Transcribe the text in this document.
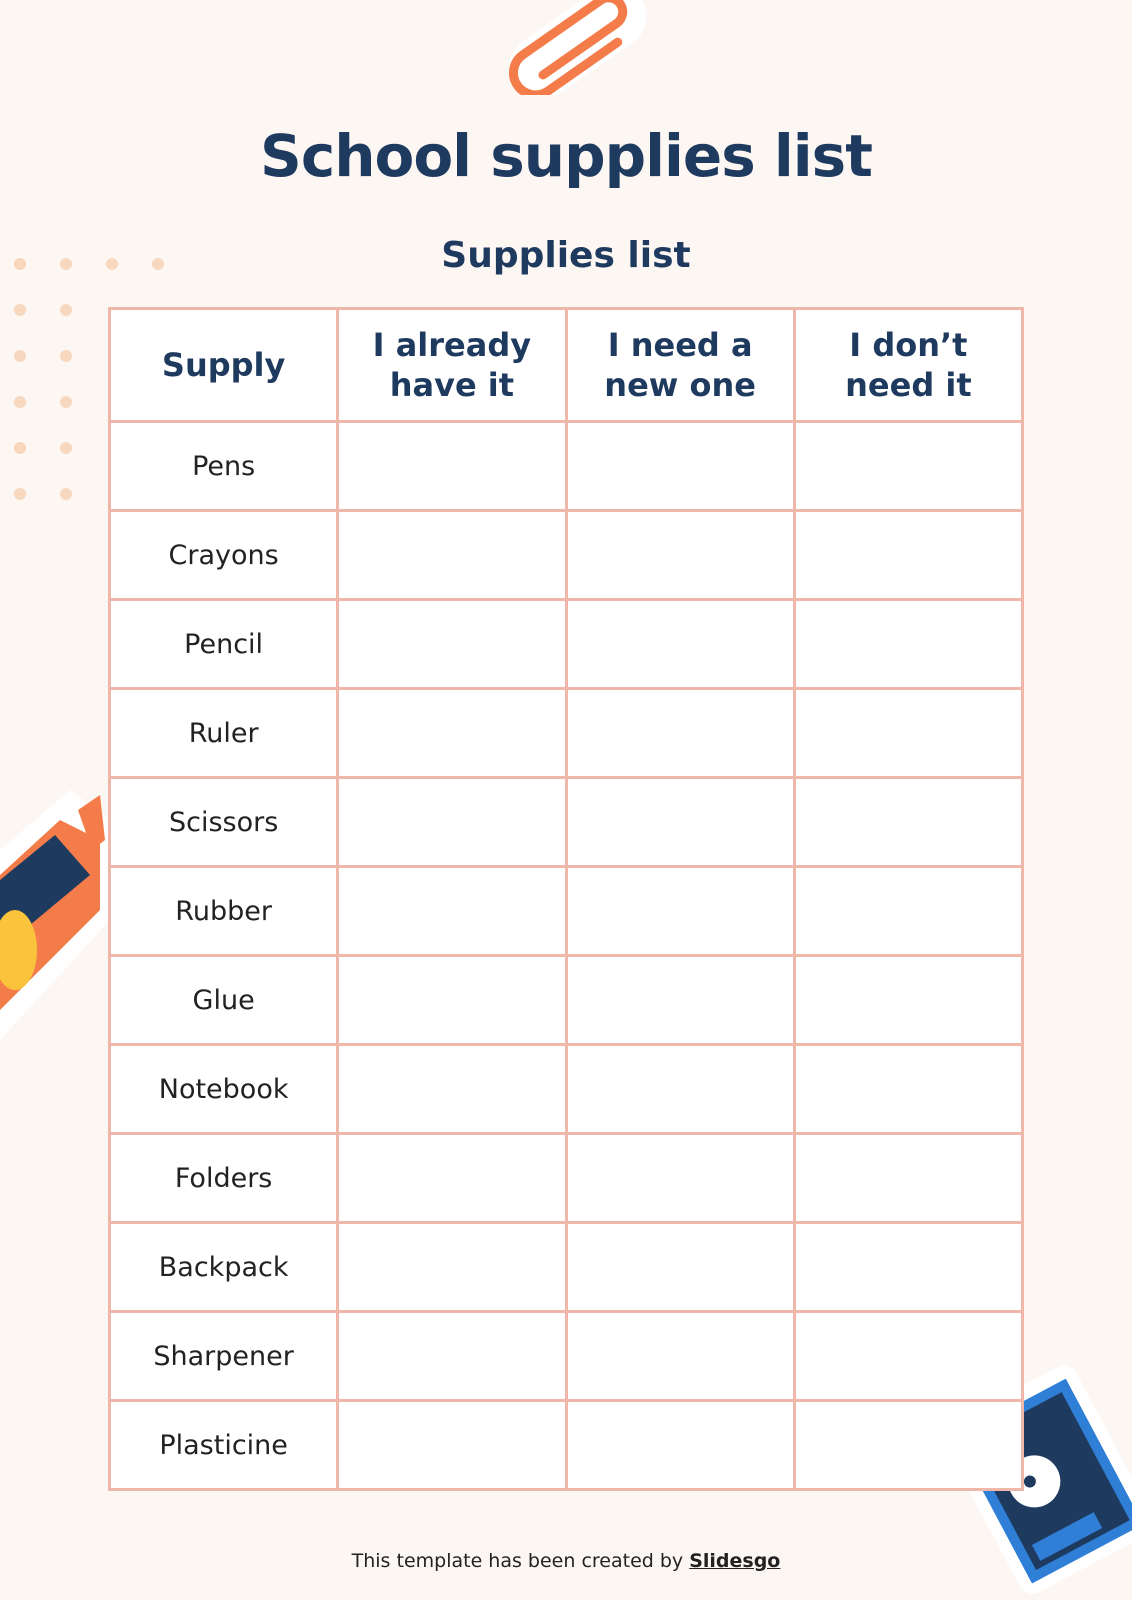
School supplies list
Supplies list
Supply	I already have it	I need a new one	I don’t need it
Pens			
Crayons			
Pencil			
Ruler			
Scissors			
Rubber			
Glue			
Notebook			
Folders			
Backpack			
Sharpener			
Plasticine			
This template has been created by Slidesgo
